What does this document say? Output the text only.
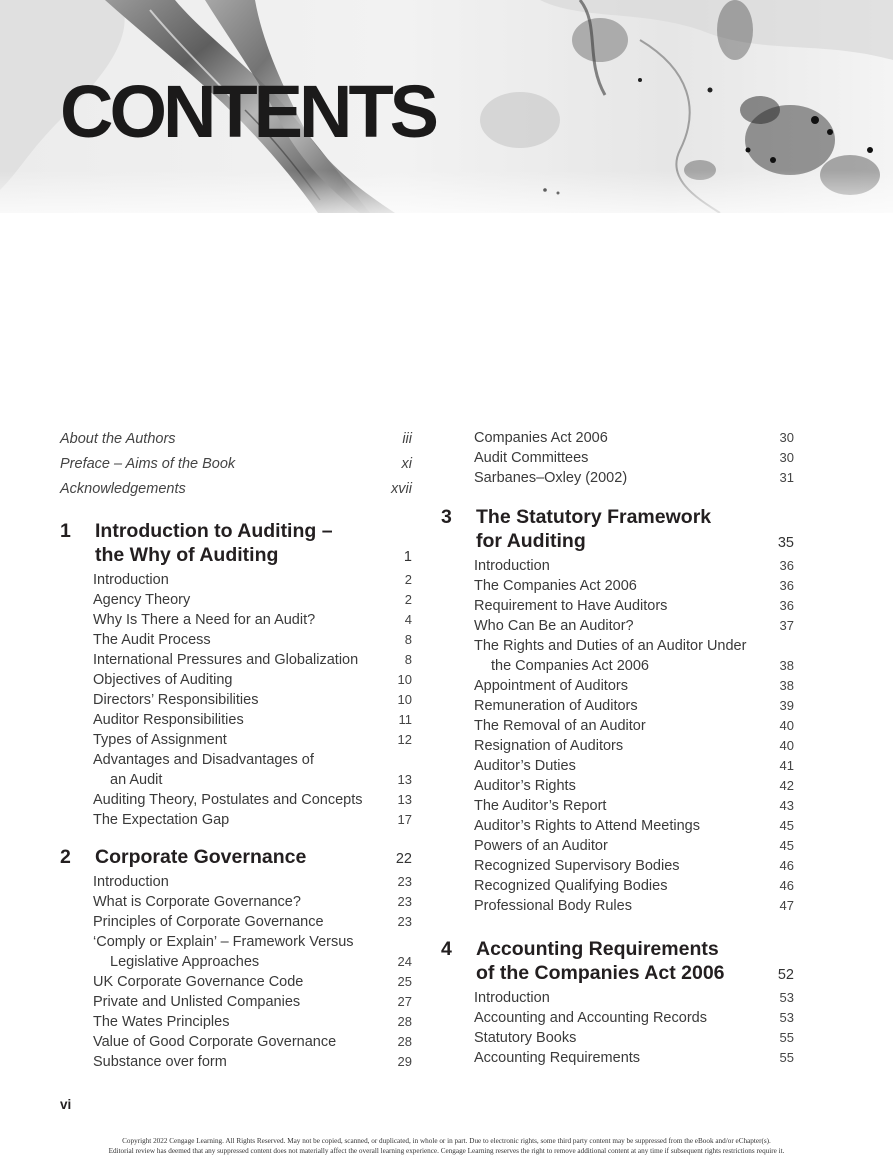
CONTENTS
About the Authors	iii
Preface – Aims of the Book	xi
Acknowledgements	xvii
1 Introduction to Auditing –
the Why of Auditing	1
Introduction	2
Agency Theory	2
Why Is There a Need for an Audit?	4
The Audit Process	8
International Pressures and Globalization	8
Objectives of Auditing	10
Directors’ Responsibilities	10
Auditor Responsibilities	11
Types of Assignment	12
Advantages and Disadvantages of
an Audit	13
Auditing Theory, Postulates and Concepts	13
The Expectation Gap	17
2 Corporate Governance	22
Introduction	23
What is Corporate Governance?	23
Principles of Corporate Governance	23
‘Comply or Explain’ – Framework Versus
Legislative Approaches	24
UK Corporate Governance Code	25
Private and Unlisted Companies	27
The Wates Principles	28
Value of Good Corporate Governance	28
Substance over form	29
Companies Act 2006	30
Audit Committees	30
Sarbanes–Oxley (2002)	31
3 The Statutory Framework
for Auditing	35
Introduction	36
The Companies Act 2006	36
Requirement to Have Auditors	36
Who Can Be an Auditor?	37
The Rights and Duties of an Auditor Under
the Companies Act 2006	38
Appointment of Auditors	38
Remuneration of Auditors	39
The Removal of an Auditor	40
Resignation of Auditors	40
Auditor’s Duties	41
Auditor’s Rights	42
The Auditor’s Report	43
Auditor’s Rights to Attend Meetings	45
Powers of an Auditor	45
Recognized Supervisory Bodies	46
Recognized Qualifying Bodies	46
Professional Body Rules	47
4 Accounting Requirements
of the Companies Act 2006	52
Introduction	53
Accounting and Accounting Records	53
Statutory Books	55
Accounting Requirements	55
vi
Copyright 2022 Cengage Learning. All Rights Reserved. May not be copied, scanned, or duplicated, in whole or in part. Due to electronic rights, some third party content may be suppressed from the eBook and/or eChapter(s).
Editorial review has deemed that any suppressed content does not materially affect the overall learning experience. Cengage Learning reserves the right to remove additional content at any time if subsequent rights restrictions require it.
